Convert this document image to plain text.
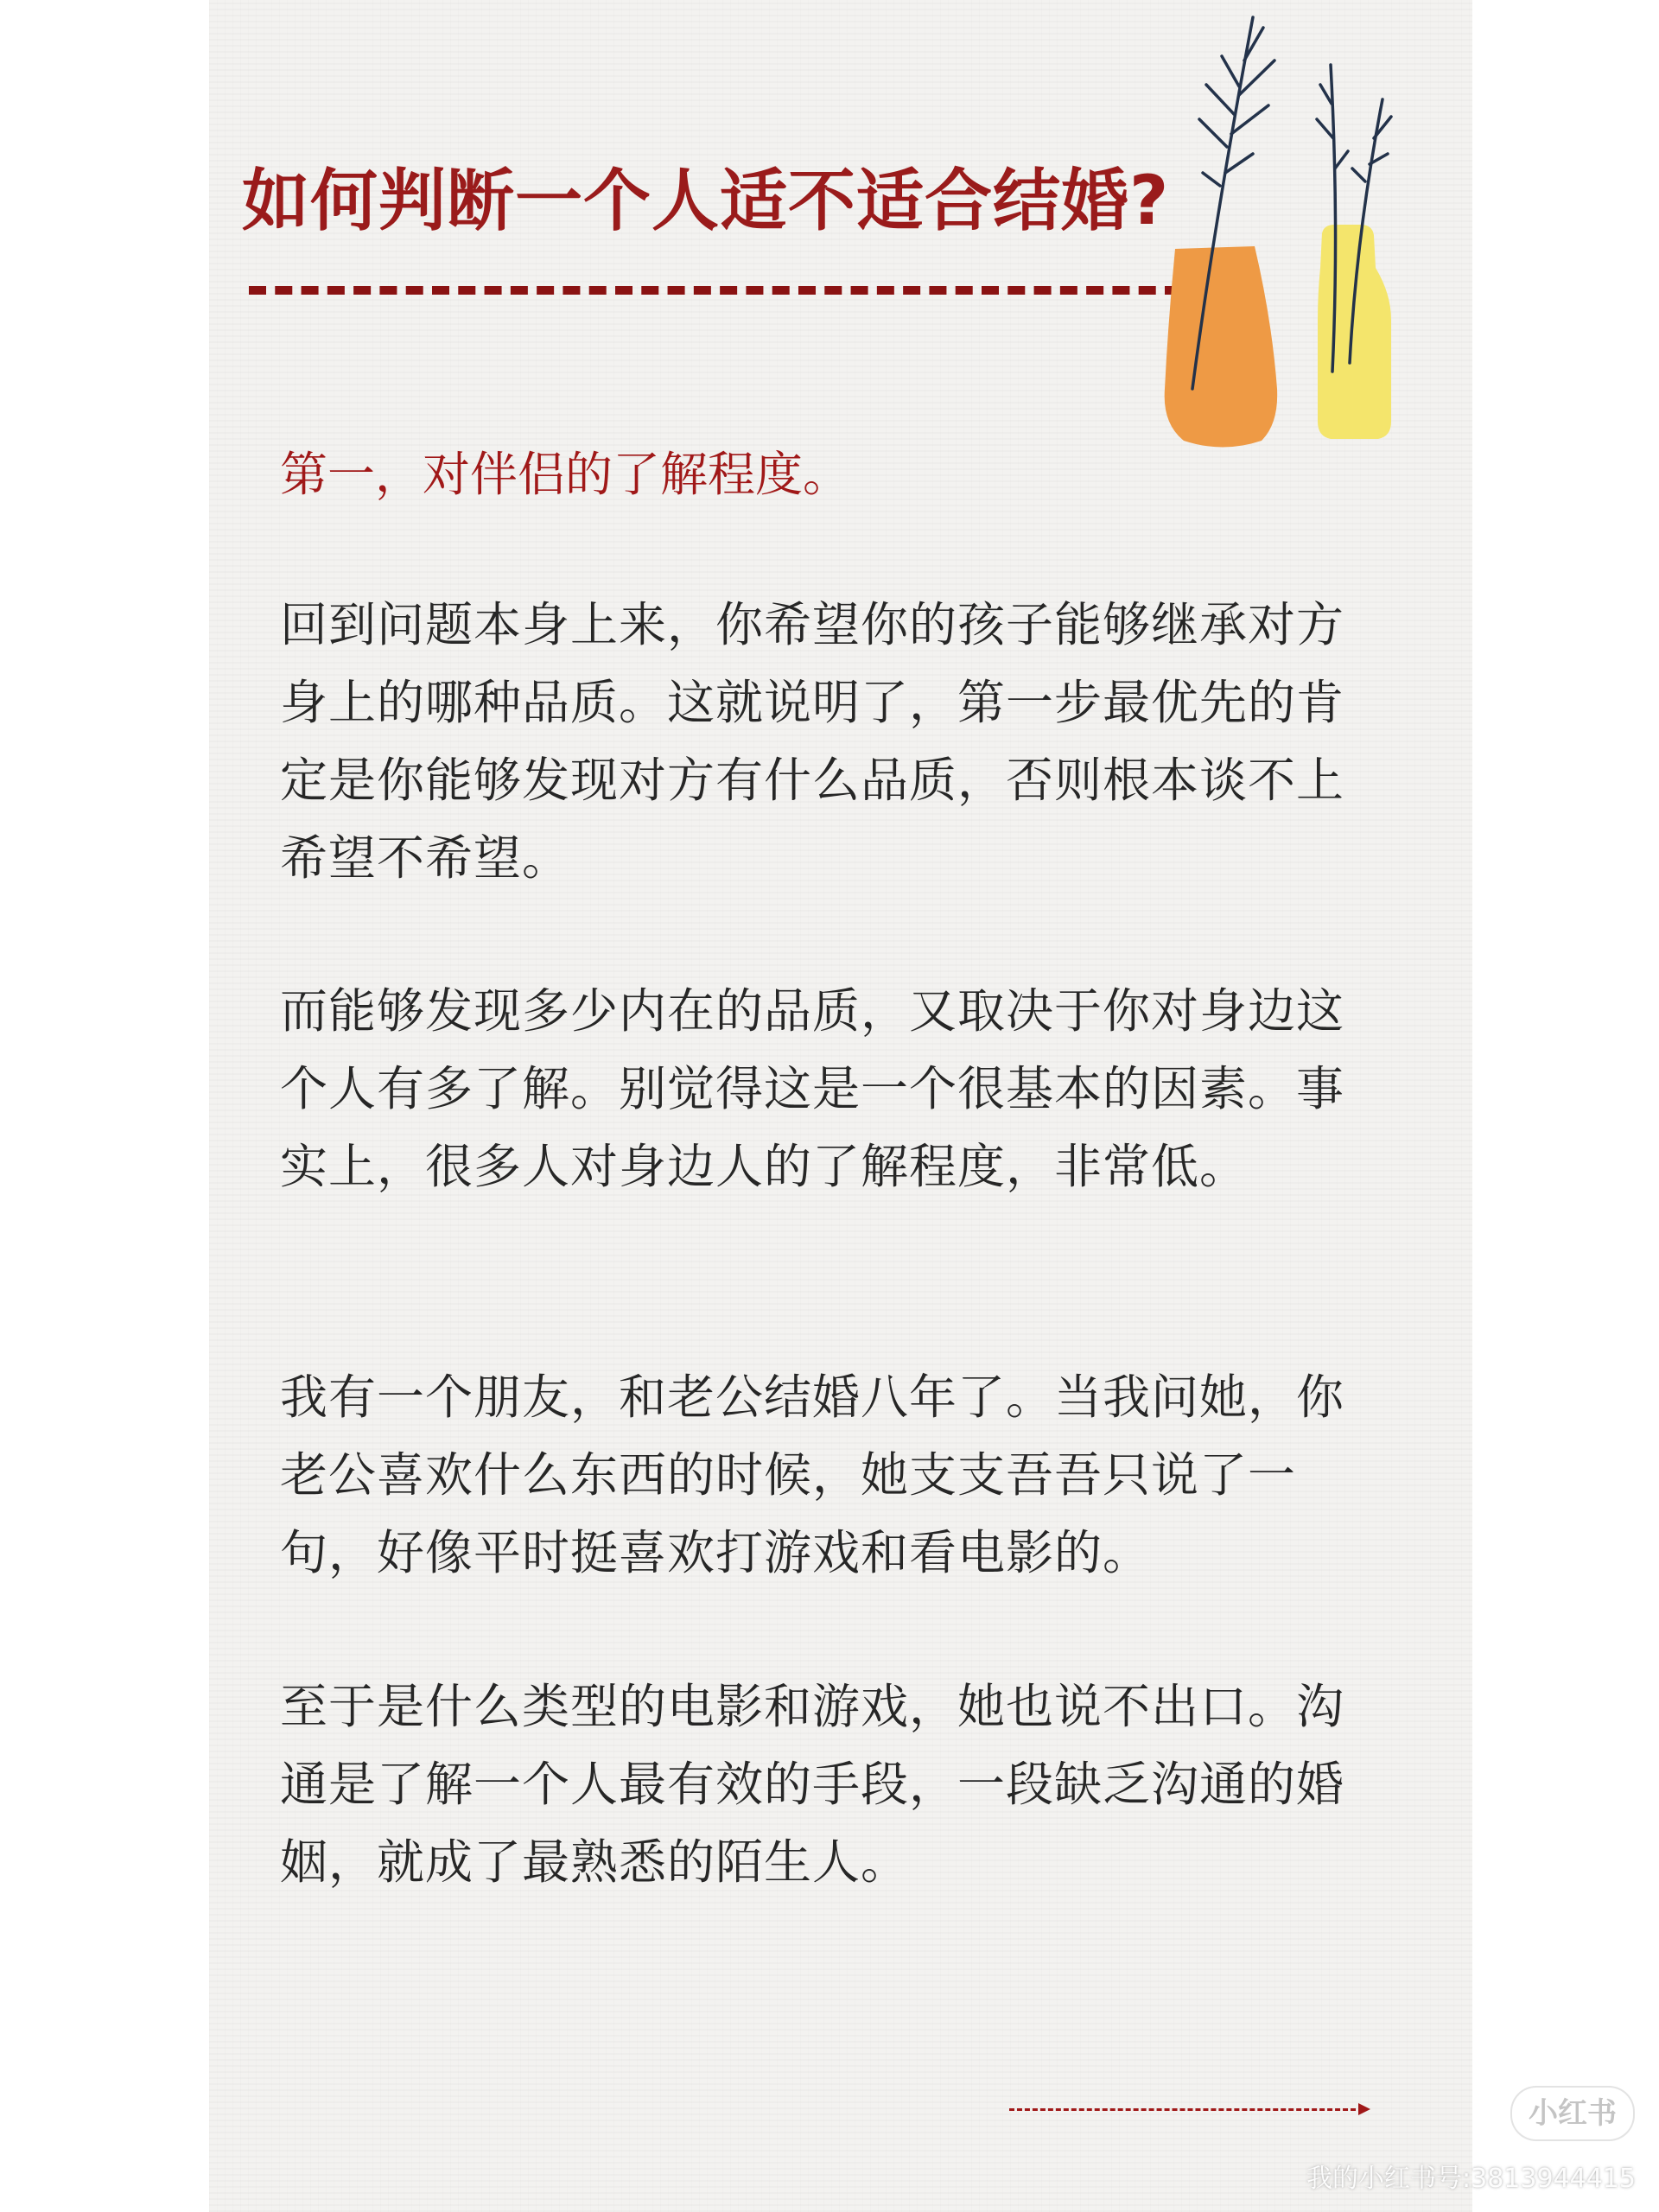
如何判断一个人适不适合结婚?
第一，对伴侣的了解程度。

回到问题本身上来，你希望你的孩子能够继承对方身上的哪种品质。这就说明了，第一步最优先的肯定是你能够发现对方有什么品质，否则根本谈不上希望不希望。

而能够发现多少内在的品质，又取决于你对身边这个人有多了解。别觉得这是一个很基本的因素。事实上，很多人对身边人的了解程度，非常低。

我有一个朋友，和老公结婚八年了。当我问她，你老公喜欢什么东西的时候，她支支吾吾只说了一句，好像平时挺喜欢打游戏和看电影的。

至于是什么类型的电影和游戏，她也说不出口。沟通是了解一个人最有效的手段，一段缺乏沟通的婚姻，就成了最熟悉的陌生人。

小红书
我的小红书号:3813944415
